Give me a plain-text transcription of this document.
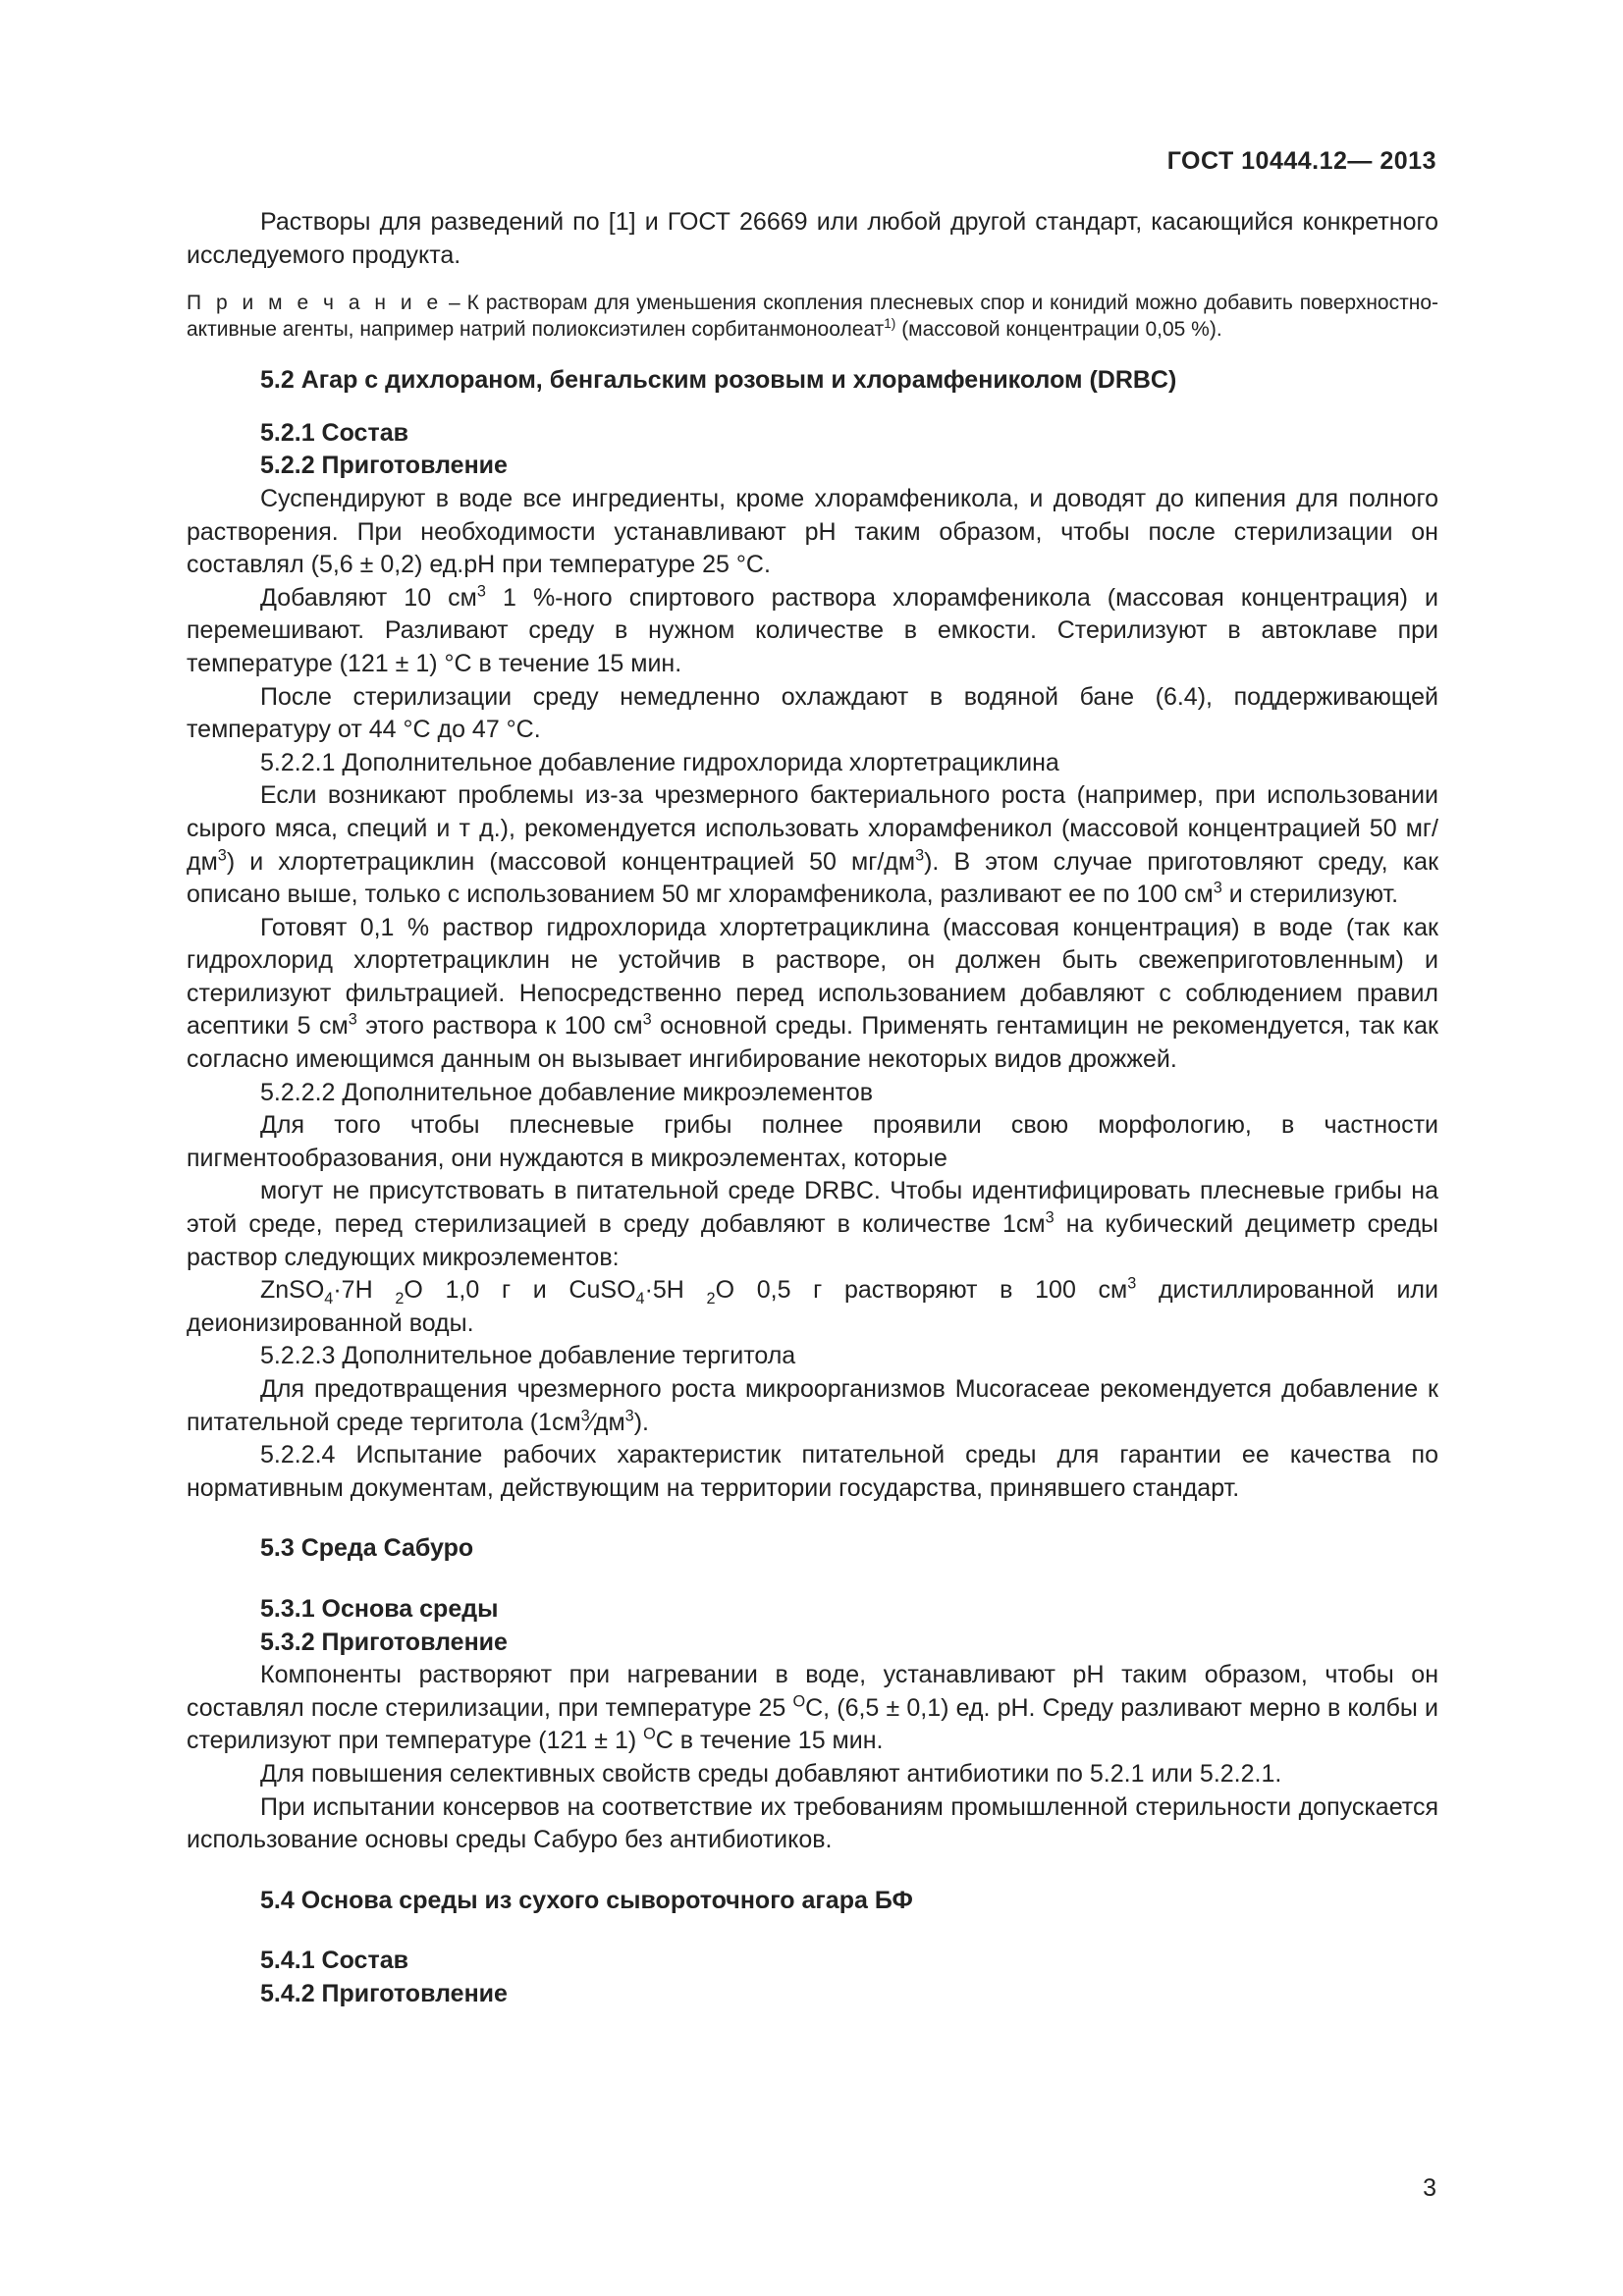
ГОСТ 10444.12— 2013

Растворы для разведений по [1] и ГОСТ 26669 или любой другой стандарт, касающийся конкретного исследуемого продукта.

П р и м е ч а н и е – К растворам для уменьшения скопления плесневых спор и конидий можно добавить поверхностно-активные агенты, например натрий полиоксиэтилен сорбитанмоноолеат$^{1)}$ (массовой концентрации 0,05 %).

5.2 Агар с дихлораном, бенгальским розовым и хлорамфениколом (DRBC)

5.2.1 Состав

5.2.2 Приготовление

Суспендируют в воде все ингредиенты, кроме хлорамфеникола, и доводят до кипения для полного растворения. При необходимости устанавливают pH таким образом, чтобы после стерилизации он составлял (5,6 ± 0,2) ед.pH при температуре 25 °С.

Добавляют 10 $см^3$ 1 %-ного спиртового раствора хлорамфеникола (массовая концентрация) и перемешивают. Разливают среду в нужном количестве в емкости. Стерилизуют в автоклаве при температуре (121 ± 1) °С в течение 15 мин.

После стерилизации среду немедленно охлаждают в водяной бане (6.4), поддерживающей температуру от 44 °С до 47 °С.

5.2.2.1 Дополнительное добавление гидрохлорида хлортетрациклина

Если возникают проблемы из-за чрезмерного бактериального роста (например, при использовании сырого мяса, специй и т д.), рекомендуется использовать хлорамфеникол (массовой концентрацией 50 $мг/дм^3$) и хлортетрациклин (массовой концентрацией 50 $мг/дм^3$). В этом случае приготовляют среду, как описано выше, только с использованием 50 мг хлорамфеникола, разливают ее по 100 $см^3$ и стерилизуют.

Готовят 0,1 % раствор гидрохлорида хлортетрациклина (массовая концентрация) в воде (так как гидрохлорид хлортетрациклин не устойчив в растворе, он должен быть свежеприготовленным) и стерилизуют фильтрацией. Непосредственно перед использованием добавляют с соблюдением правил асептики 5 $см^3$ этого раствора к 100 $см^3$ основной среды. Применять гентамицин не рекомендуется, так как согласно имеющимся данным он вызывает ингибирование некоторых видов дрожжей.

5.2.2.2 Дополнительное добавление микроэлементов

Для того чтобы плесневые грибы полнее проявили свою морфологию, в частности пигментообразования, они нуждаются в микроэлементах, которые

могут не присутствовать в питательной среде DRBC. Чтобы идентифицировать плесневые грибы на этой среде, перед стерилизацией в среду добавляют в количестве $1см^3$ на кубический дециметр среды раствор следующих микроэлементов:

ZnSO$_4$·7H $_2$O 1,0 г и CuSO$_4$·5H $_2$O 0,5 г растворяют в 100 $см^3$ дистиллированной или деионизированной воды.

5.2.2.3 Дополнительное добавление тергитола

Для предотвращения чрезмерного роста микроорганизмов Mucoraceae рекомендуется добавление к питательной среде тергитола $(1см^3⁄дм^3)$.

5.2.2.4 Испытание рабочих характеристик питательной среды для гарантии ее качества по нормативным документам, действующим на территории государства, принявшего стандарт.

5.3 Среда Сабуро

5.3.1 Основа среды

5.3.2 Приготовление

Компоненты растворяют при нагревании в воде, устанавливают pH таким образом, чтобы он составлял после стерилизации, при температуре 25 $^О$С, (6,5 ± 0,1) ед. pH. Среду разливают мерно в колбы и стерилизуют при температуре (121 ± 1) $^О$С в течение 15 мин.

Для повышения селективных свойств среды добавляют антибиотики по 5.2.1 или 5.2.2.1.

При испытании консервов на соответствие их требованиям промышленной стерильности допускается использование основы среды Сабуро без антибиотиков.

5.4 Основа среды из сухого сывороточного агара БФ

5.4.1 Состав

5.4.2 Приготовление

3
